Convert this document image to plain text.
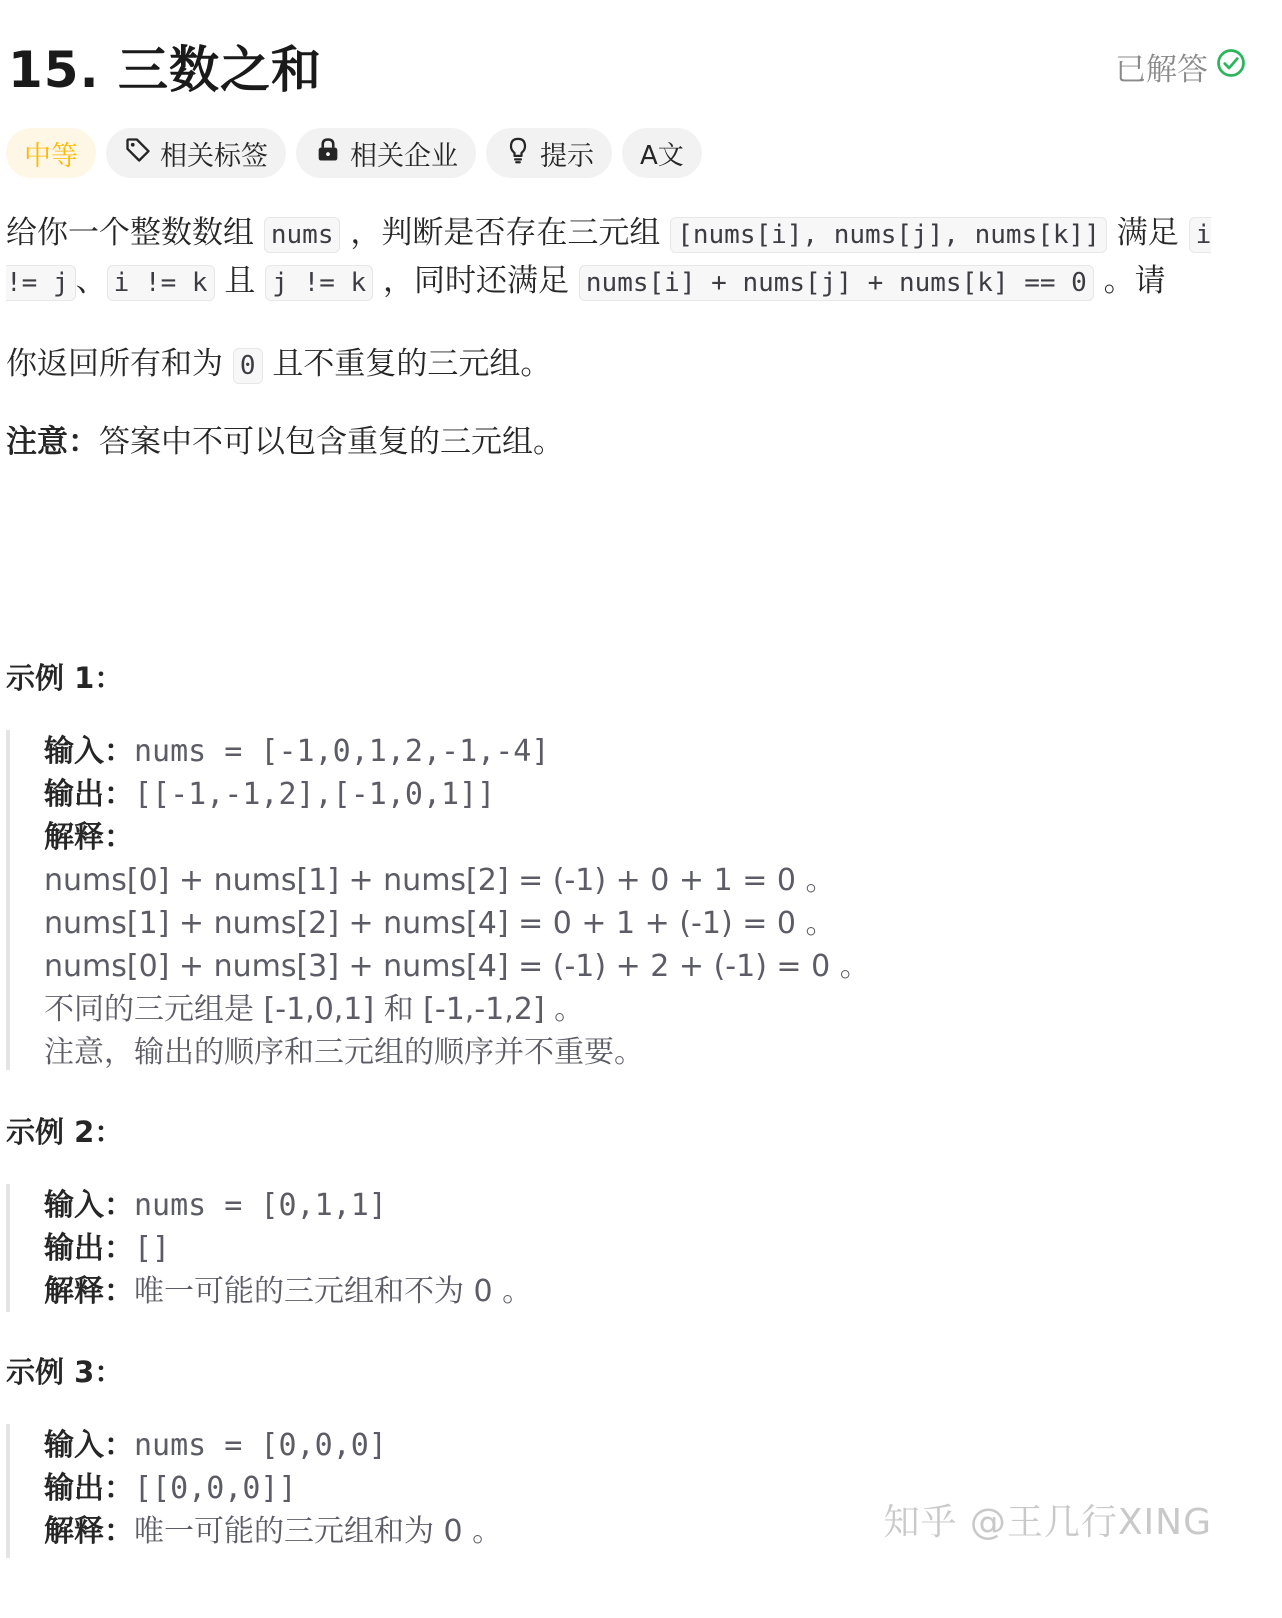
15. 三数之和	已解答
中等	相关标签	相关企业	提示 A文
给你一个整数数组 nums ，判断是否存在三元组 [nums[i], nums[j], nums[k]] 满足 i != j 、 i != k 且 j != k ，同时还满足 nums[i] + nums[j] + nums[k] == 0 。请
你返回所有和为 0 且不重复的三元组。
注意：答案中不可以包含重复的三元组。
示例 1：
输入：nums = [-1,0,1,2,-1,-4]
输出：[[-1,-1,2],[-1,0,1]]
解释：
nums[0] + nums[1] + nums[2] = (-1) + 0 + 1 = 0 。
nums[1] + nums[2] + nums[4] = 0 + 1 + (-1) = 0 。
nums[0] + nums[3] + nums[4] = (-1) + 2 + (-1) = 0 。
不同的三元组是 [-1,0,1] 和 [-1,-1,2] 。
注意，输出的顺序和三元组的顺序并不重要。
示例 2：
输入：nums = [0,1,1]
输出：[]
解释：唯一可能的三元组和不为 0 。
示例 3：
输入：nums = [0,0,0]
输出：[[0,0,0]]
解释：唯一可能的三元组和为 0 。	知乎 @王几行XING
